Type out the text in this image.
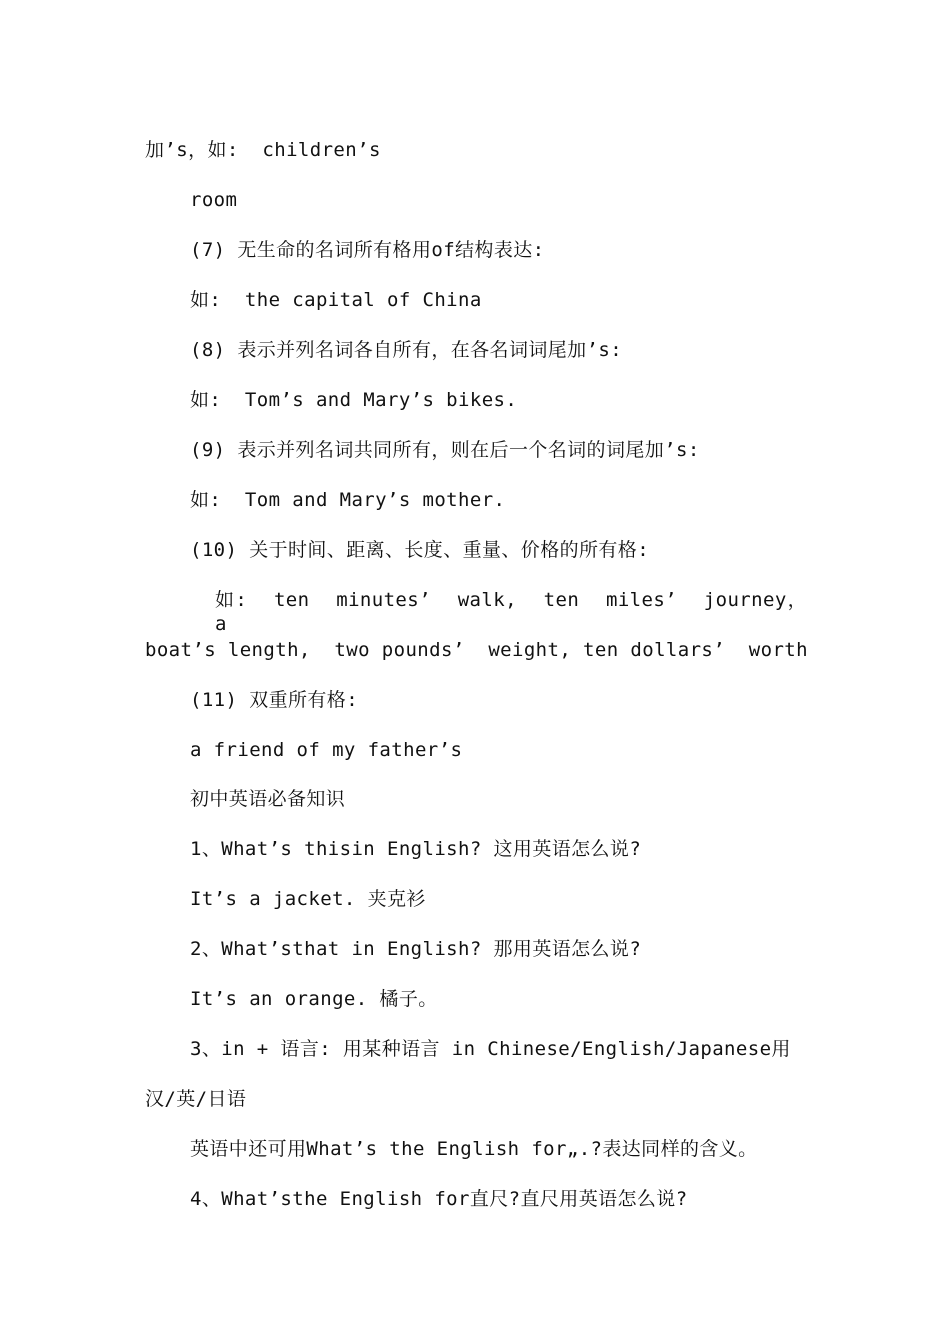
加’s，如:  children’s
room
(7) 无生命的名词所有格用of结构表达:
如:  the capital of China
(8) 表示并列名词各自所有，在各名词词尾加’s:
如:  Tom’s and Mary’s bikes.
(9) 表示并列名词共同所有，则在后一个名词的词尾加’s:
如:  Tom and Mary’s mother.
(10) 关于时间、距离、长度、重量、价格的所有格:
如: ten minutes’ walk, ten miles’ journey， a
boat’s length,  two pounds’  weight, ten dollars’  worth
(11) 双重所有格:
a friend of my father’s
初中英语必备知识
1、What’s thisin English? 这用英语怎么说?
It’s a jacket. 夹克衫
2、What’sthat in English? 那用英语怎么说?
It’s an orange. 橘子。
3、in + 语言: 用某种语言 in Chinese/English/Japanese用
汉/英/日语
英语中还可用What’s the English for„.?表达同样的含义。
4、What’sthe English for直尺?直尺用英语怎么说?
